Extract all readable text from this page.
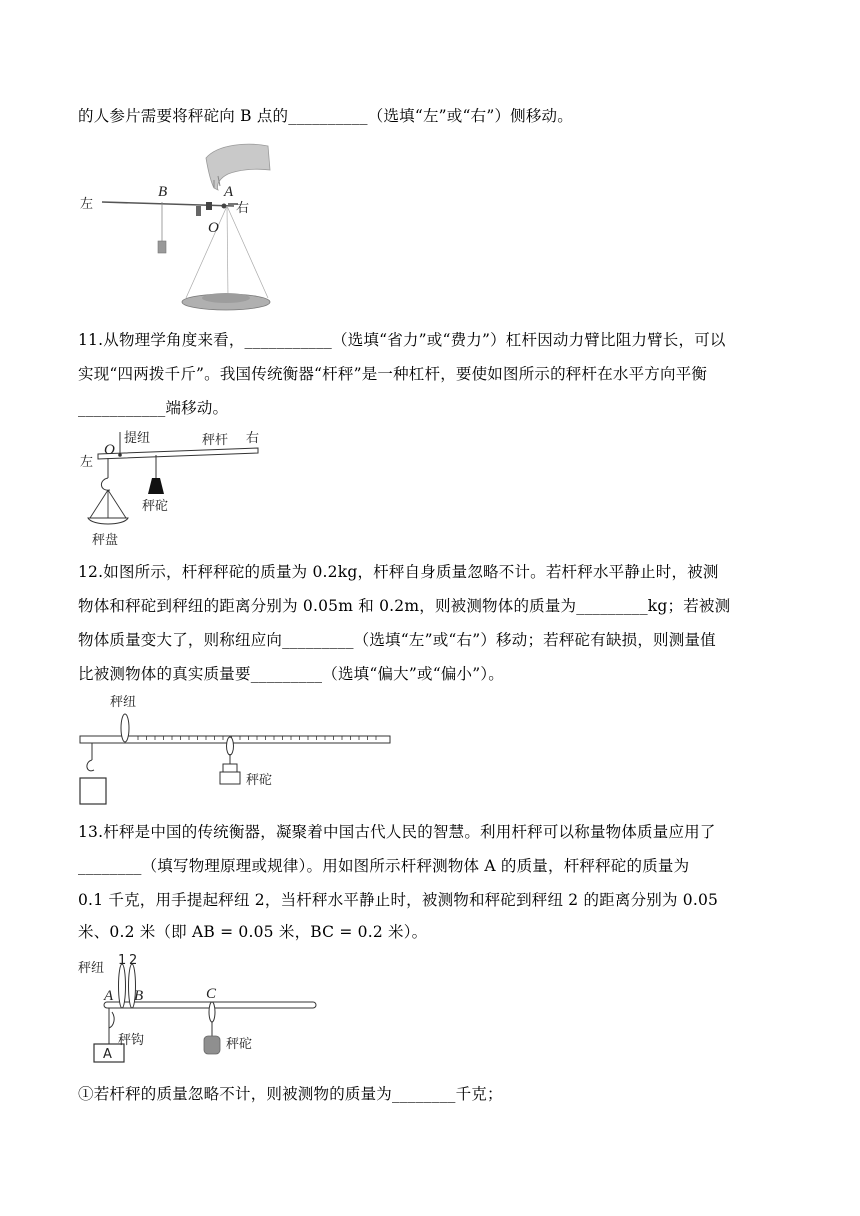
的人参片需要将秤砣向 B 点的__________（选填“左”或“右”）侧移动。
左
B	A
O
右
11.从物理学角度来看，___________（选填“省力”或“费力”）杠杆因动力臂比阻力臂长，可以
实现“四两拨千斤”。我国传统衡器“杆秤”是一种杠杆，要使如图所示的秤杆在水平方向平衡
___________端移动。
O
提纽	秤杆 右
左
秤砣
秤盘
12.如图所示，杆秤秤砣的质量为 0.2kg，杆秤自身质量忽略不计。若杆秤水平静止时，被测
物体和秤砣到秤纽的距离分别为 0.05m 和 0.2m，则被测物体的质量为_________kg；若被测
物体质量变大了，则称纽应向_________（选填“左”或“右”）移动；若秤砣有缺损，则测量值
比被测物体的真实质量要_________（选填“偏大”或“偏小”）。
秤纽
秤砣
13.杆秤是中国的传统衡器，凝聚着中国古代人民的智慧。利用杆秤可以称量物体质量应用了
________（填写物理原理或规律）。用如图所示杆秤测物体 A 的质量，杆秤秤砣的质量为
0.1 千克，用手提起秤纽 2，当杆秤水平静止时，被测物和秤砣到秤纽 2 的距离分别为 0.05
米、0.2 米（即 AB = 0.05 米，BC = 0.2 米）。
秤纽
1 2
A B	C
秤钩	秤砣
A
①若杆秤的质量忽略不计，则被测物的质量为________千克；
